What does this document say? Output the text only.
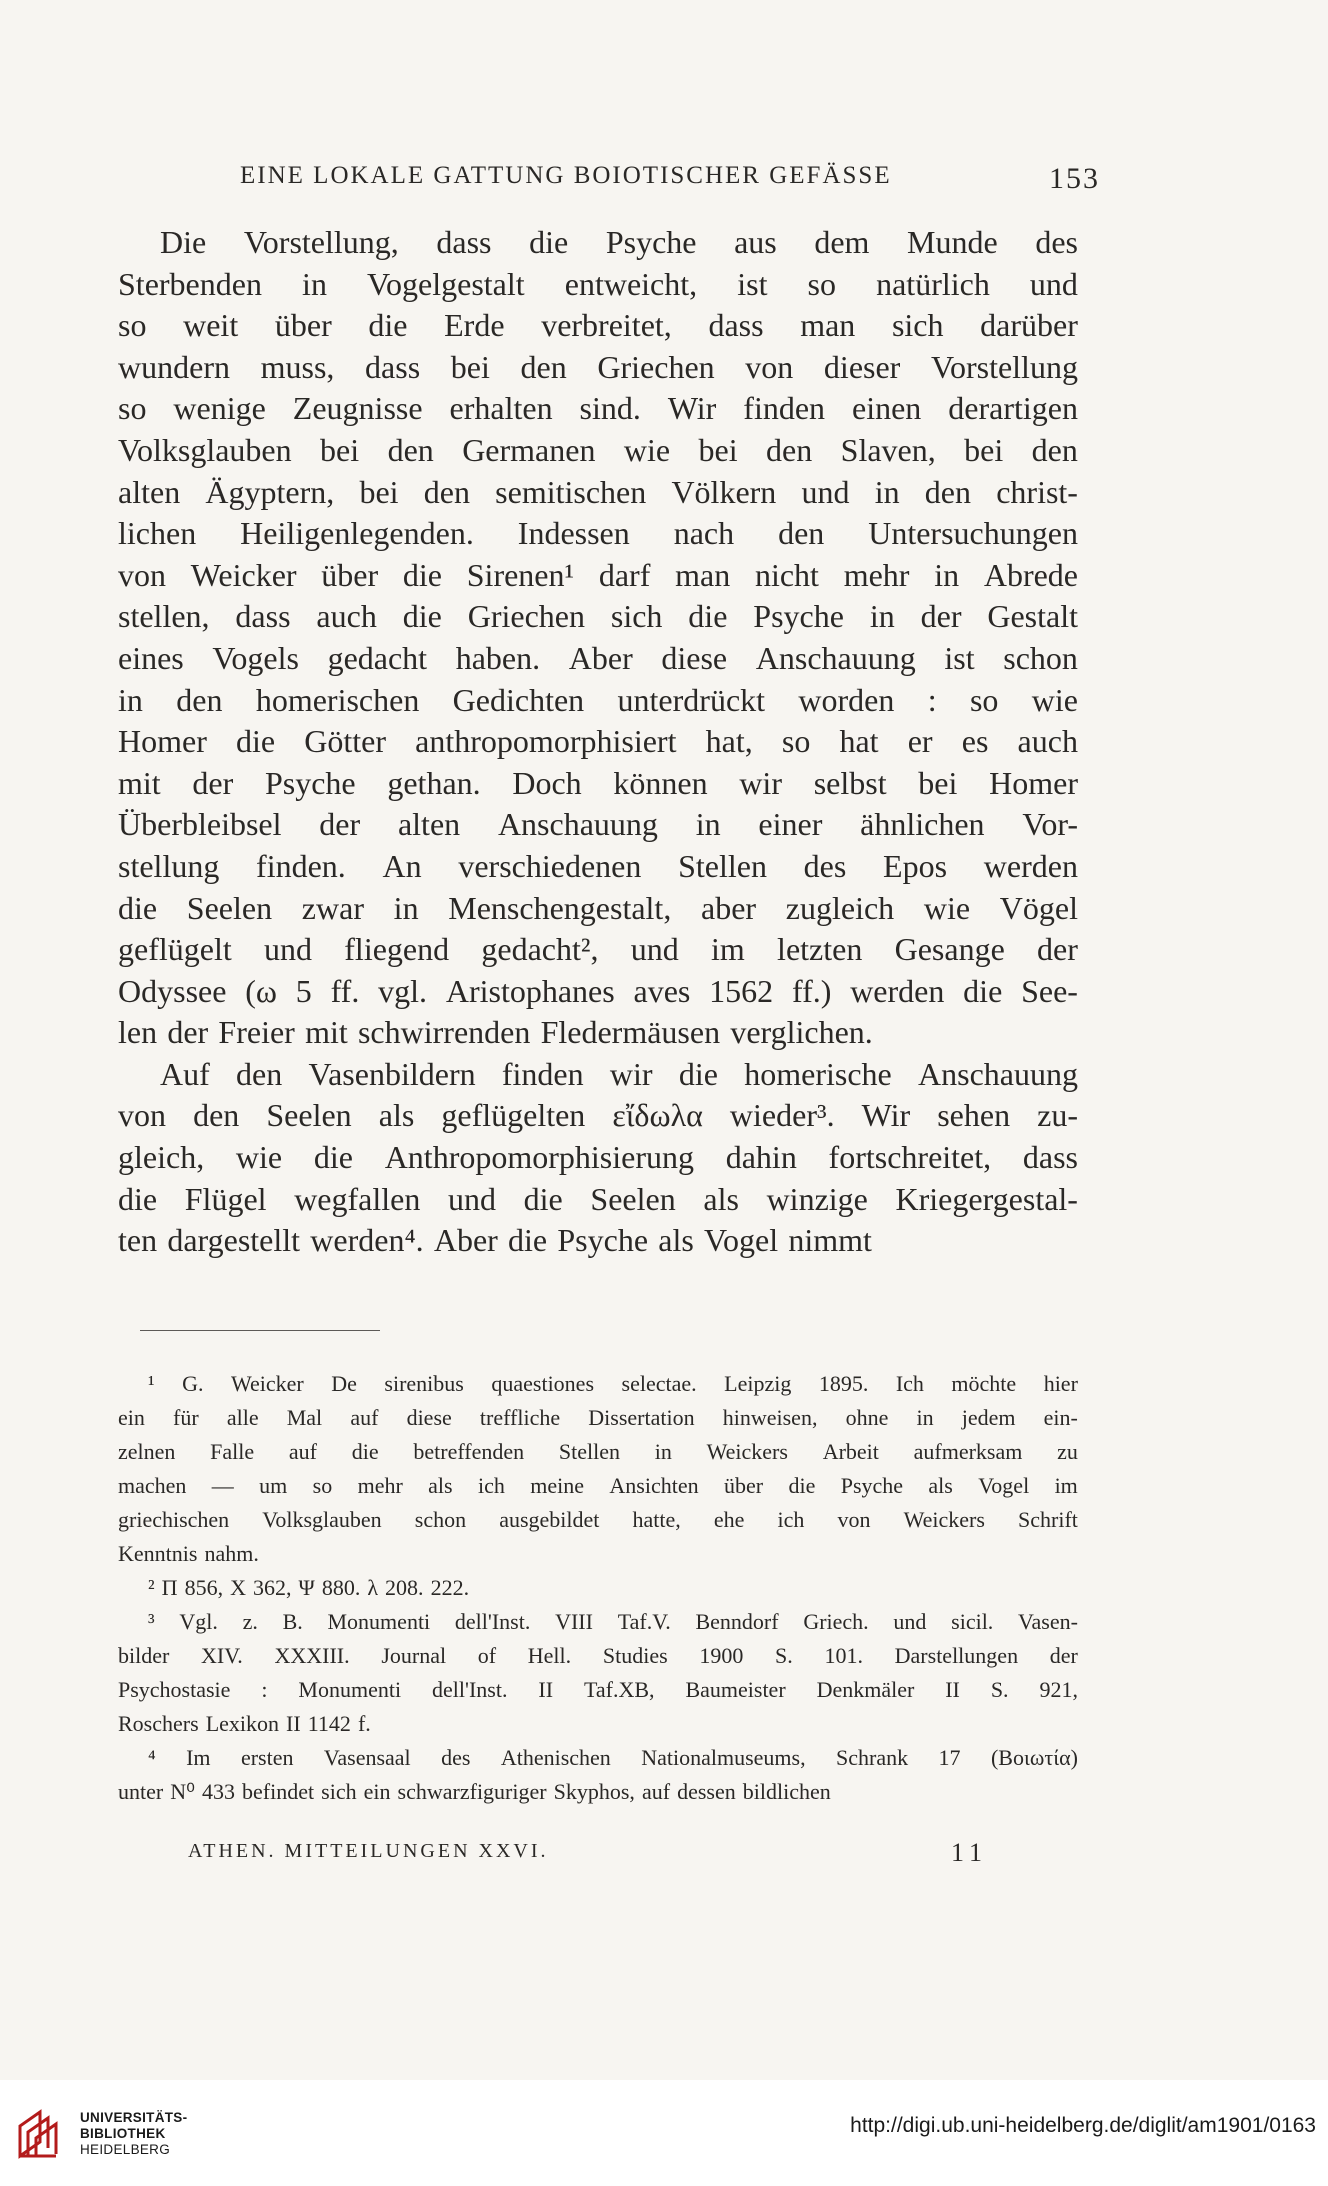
EINE LOKALE GATTUNG BOIOTISCHER GEFÄSSE	153
Die Vorstellung, dass die Psyche aus dem Munde des
Sterbenden in Vogelgestalt entweicht, ist so natürlich und
so weit über die Erde verbreitet, dass man sich darüber
wundern muss, dass bei den Griechen von dieser Vorstellung
so wenige Zeugnisse erhalten sind. Wir finden einen derartigen
Volksglauben bei den Germanen wie bei den Slaven, bei den
alten Ägyptern, bei den semitischen Völkern und in den christ-
lichen Heiligenlegenden. Indessen nach den Untersuchungen
von Weicker über die Sirenen¹ darf man nicht mehr in Abrede
stellen, dass auch die Griechen sich die Psyche in der Gestalt
eines Vogels gedacht haben. Aber diese Anschauung ist schon
in den homerischen Gedichten unterdrückt worden : so wie
Homer die Götter anthropomorphisiert hat, so hat er es auch
mit der Psyche gethan. Doch können wir selbst bei Homer
Überbleibsel der alten Anschauung in einer ähnlichen Vor-
stellung finden. An verschiedenen Stellen des Epos werden
die Seelen zwar in Menschengestalt, aber zugleich wie Vögel
geflügelt und fliegend gedacht², und im letzten Gesange der
Odyssee (ω 5 ff. vgl. Aristophanes aves 1562 ff.) werden die See-
len der Freier mit schwirrenden Fledermäusen verglichen.
Auf den Vasenbildern finden wir die homerische Anschauung
von den Seelen als geflügelten εἴδωλα wieder³. Wir sehen zu-
gleich, wie die Anthropomorphisierung dahin fortschreitet, dass
die Flügel wegfallen und die Seelen als winzige Kriegergestal-
ten dargestellt werden⁴. Aber die Psyche als Vogel nimmt
¹ G. Weicker De sirenibus quaestiones selectae. Leipzig 1895. Ich möchte hier
ein für alle Mal auf diese treffliche Dissertation hinweisen, ohne in jedem ein-
zelnen Falle auf die betreffenden Stellen in Weickers Arbeit aufmerksam zu
machen — um so mehr als ich meine Ansichten über die Psyche als Vogel im
griechischen Volksglauben schon ausgebildet hatte, ehe ich von Weickers Schrift
Kenntnis nahm.
² Π 856, Χ 362, Ψ 880. λ 208. 222.
³ Vgl. z. B. Monumenti dell'Inst. VIII Taf.V. Benndorf Griech. und sicil. Vasen-
bilder XIV. XXXIII. Journal of Hell. Studies 1900 S. 101. Darstellungen der
Psychostasie : Monumenti dell'Inst. II Taf.XB, Baumeister Denkmäler II S. 921,
Roschers Lexikon II 1142 f.
⁴ Im ersten Vasensaal des Athenischen Nationalmuseums, Schrank 17 (Βοιωτία)
unter N⁰ 433 befindet sich ein schwarzfiguriger Skyphos, auf dessen bildlichen
ATHEN. MITTEILUNGEN XXVI.	11
UNIVERSITÄTS-
BIBLIOTHEK
HEIDELBERG
http://digi.ub.uni-heidelberg.de/diglit/am1901/0163
